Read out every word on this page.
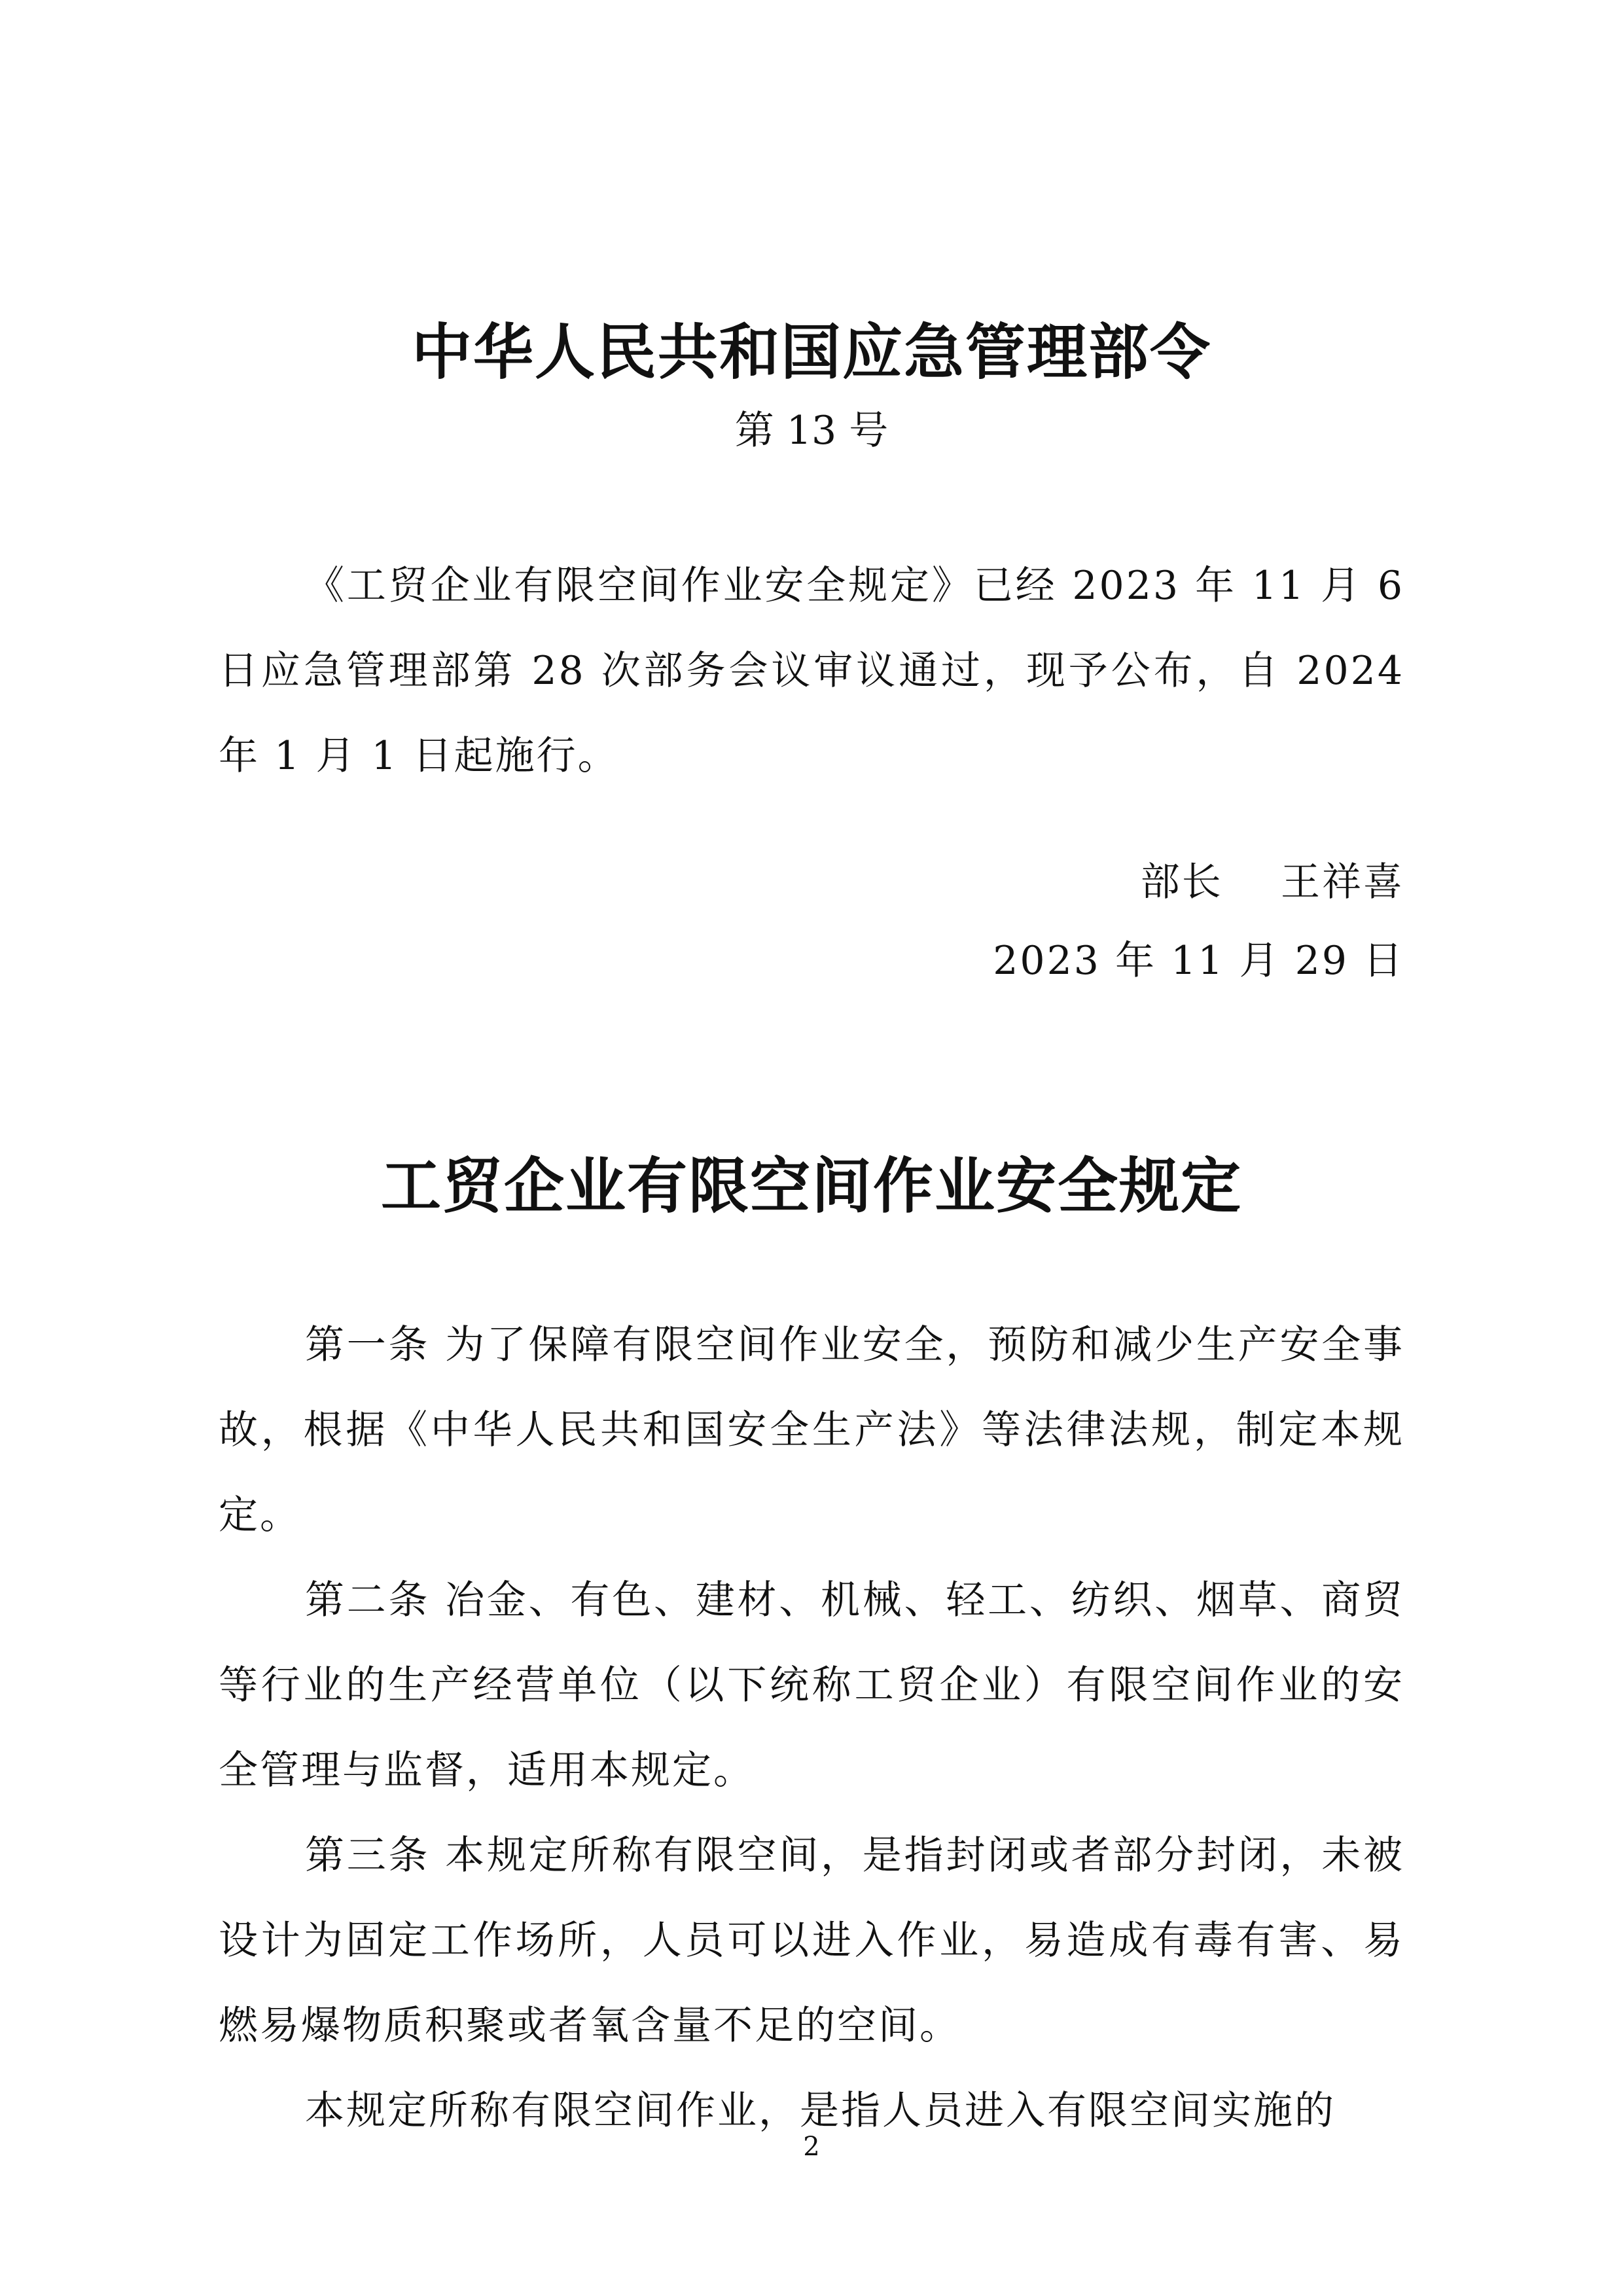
中华人民共和国应急管理部令
第 13 号

《工贸企业有限空间作业安全规定》已经 2023 年 11 月 6 日应急管理部第 28 次部务会议审议通过，现予公布，自 2024 年 1 月 1 日起施行。

部长    王祥喜
2023 年 11 月 29 日
工贸企业有限空间作业安全规定

第一条 为了保障有限空间作业安全，预防和减少生产安全事故，根据《中华人民共和国安全生产法》等法律法规，制定本规定。

第二条 冶金、有色、建材、机械、轻工、纺织、烟草、商贸等行业的生产经营单位（以下统称工贸企业）有限空间作业的安全管理与监督，适用本规定。

第三条 本规定所称有限空间，是指封闭或者部分封闭，未被设计为固定工作场所，人员可以进入作业，易造成有毒有害、易燃易爆物质积聚或者氧含量不足的空间。

本规定所称有限空间作业，是指人员进入有限空间实施的

2
